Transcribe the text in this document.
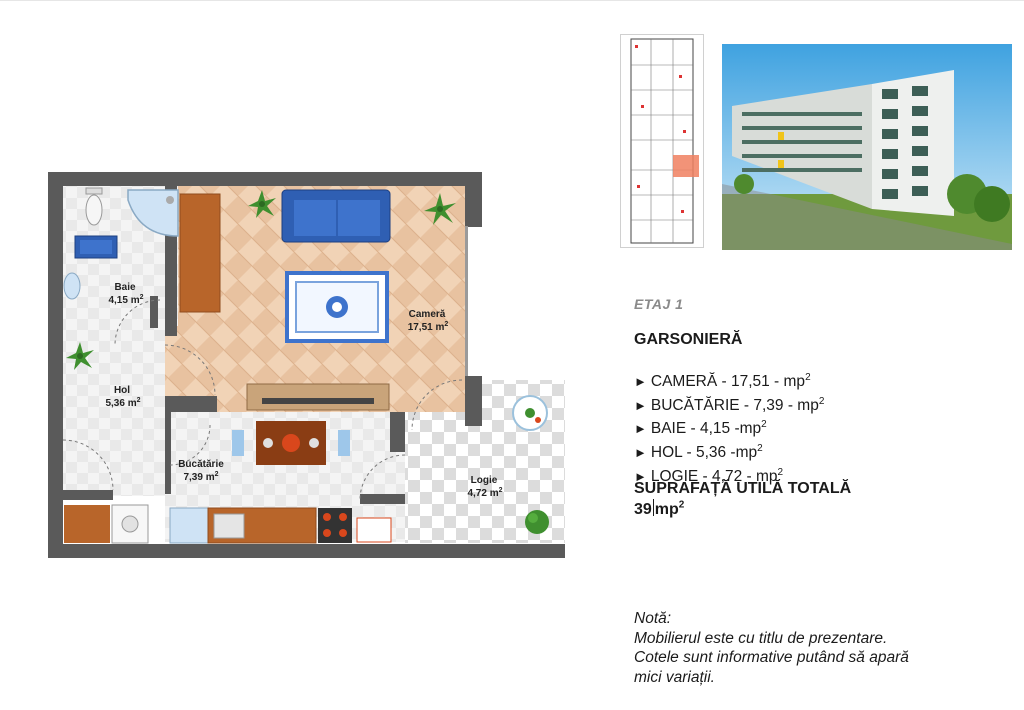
Baie
4,15 $m^2$
Hol
5,36 $m^2$
Cameră
17,51 $m^2$
Bucătărie
7,39 $m^2$
Logie
4,72 $m^2$
ETAJ 1
GARSONIERĂ
► CAMERĂ - $17,51 - mp^2$
► BUCĂTĂRIE - $7,39 - mp^2$
► BAIE - 4,15 $-mp^2$
► HOL - 5,36 $-mp^2$
► LOGIE - $4,72 - mp^2$
SUPRAFAȚĂ UTILĂ TOTALĂ
39 $mp^2$
Notă:
Mobilierul este cu titlu de prezentare.
Cotele sunt informative putând să apară
mici variații.
